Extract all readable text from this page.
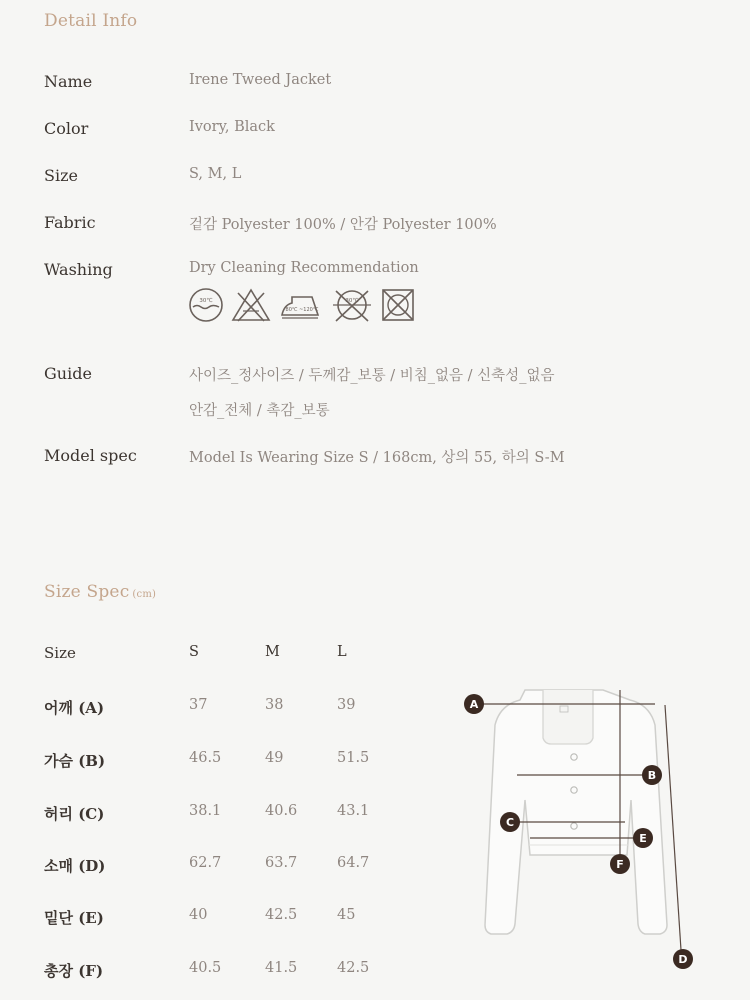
Detail Info
Name	Irene Tweed Jacket
Color	Ivory, Black
Size	S, M, L
Fabric	겉감 Polyester 100% / 안감 Polyester 100%
Washing	Dry Cleaning Recommendation
30℃
80℃ ~120℃
30℃
Guide	사이즈_정사이즈 / 두께감_보통 / 비침_없음 / 신축성_없음
안감_전체 / 촉감_보통
Model spec	Model Is Wearing Size S / 168cm, 상의 55, 하의 S-M
Size Spec (cm)
Size	S	M	L
어깨 (A)	37	38	39
가슴 (B)	46.5	49	51.5
허리 (C)	38.1	40.6	43.1
소매 (D)	62.7	63.7	64.7
밑단 (E)	40	42.5	45
총장 (F)	40.5	41.5	42.5
A
B
C
D
E
F
